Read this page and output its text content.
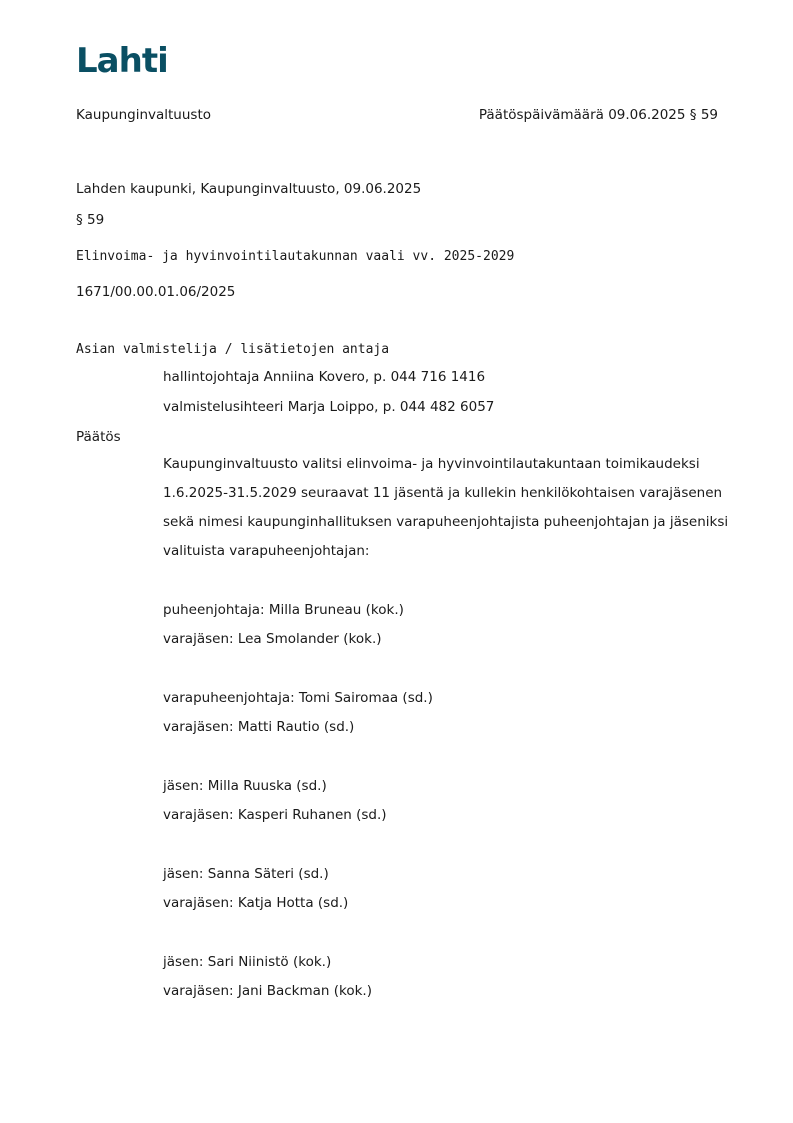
Lahti
Kaupunginvaltuusto	Päätöspäivämäärä 09.06.2025 § 59
Lahden kaupunki, Kaupunginvaltuusto, 09.06.2025
§ 59
Elinvoima- ja hyvinvointilautakunnan vaali vv. 2025-2029
1671/00.00.01.06/2025
Asian valmistelija / lisätietojen antaja
hallintojohtaja Anniina Kovero, p. 044 716 1416
valmistelusihteeri Marja Loippo, p. 044 482 6057
Päätös
Kaupunginvaltuusto valitsi elinvoima- ja hyvinvointilautakuntaan toimikaudeksi
1.6.2025-31.5.2029 seuraavat 11 jäsentä ja kullekin henkilökohtaisen varajäsenen
sekä nimesi kaupunginhallituksen varapuheenjohtajista puheenjohtajan ja jäseniksi
valituista varapuheenjohtajan:
puheenjohtaja: Milla Bruneau (kok.)
varajäsen: Lea Smolander (kok.)
varapuheenjohtaja: Tomi Sairomaa (sd.)
varajäsen: Matti Rautio (sd.)
jäsen: Milla Ruuska (sd.)
varajäsen: Kasperi Ruhanen (sd.)
jäsen: Sanna Säteri (sd.)
varajäsen: Katja Hotta (sd.)
jäsen: Sari Niinistö (kok.)
varajäsen: Jani Backman (kok.)
